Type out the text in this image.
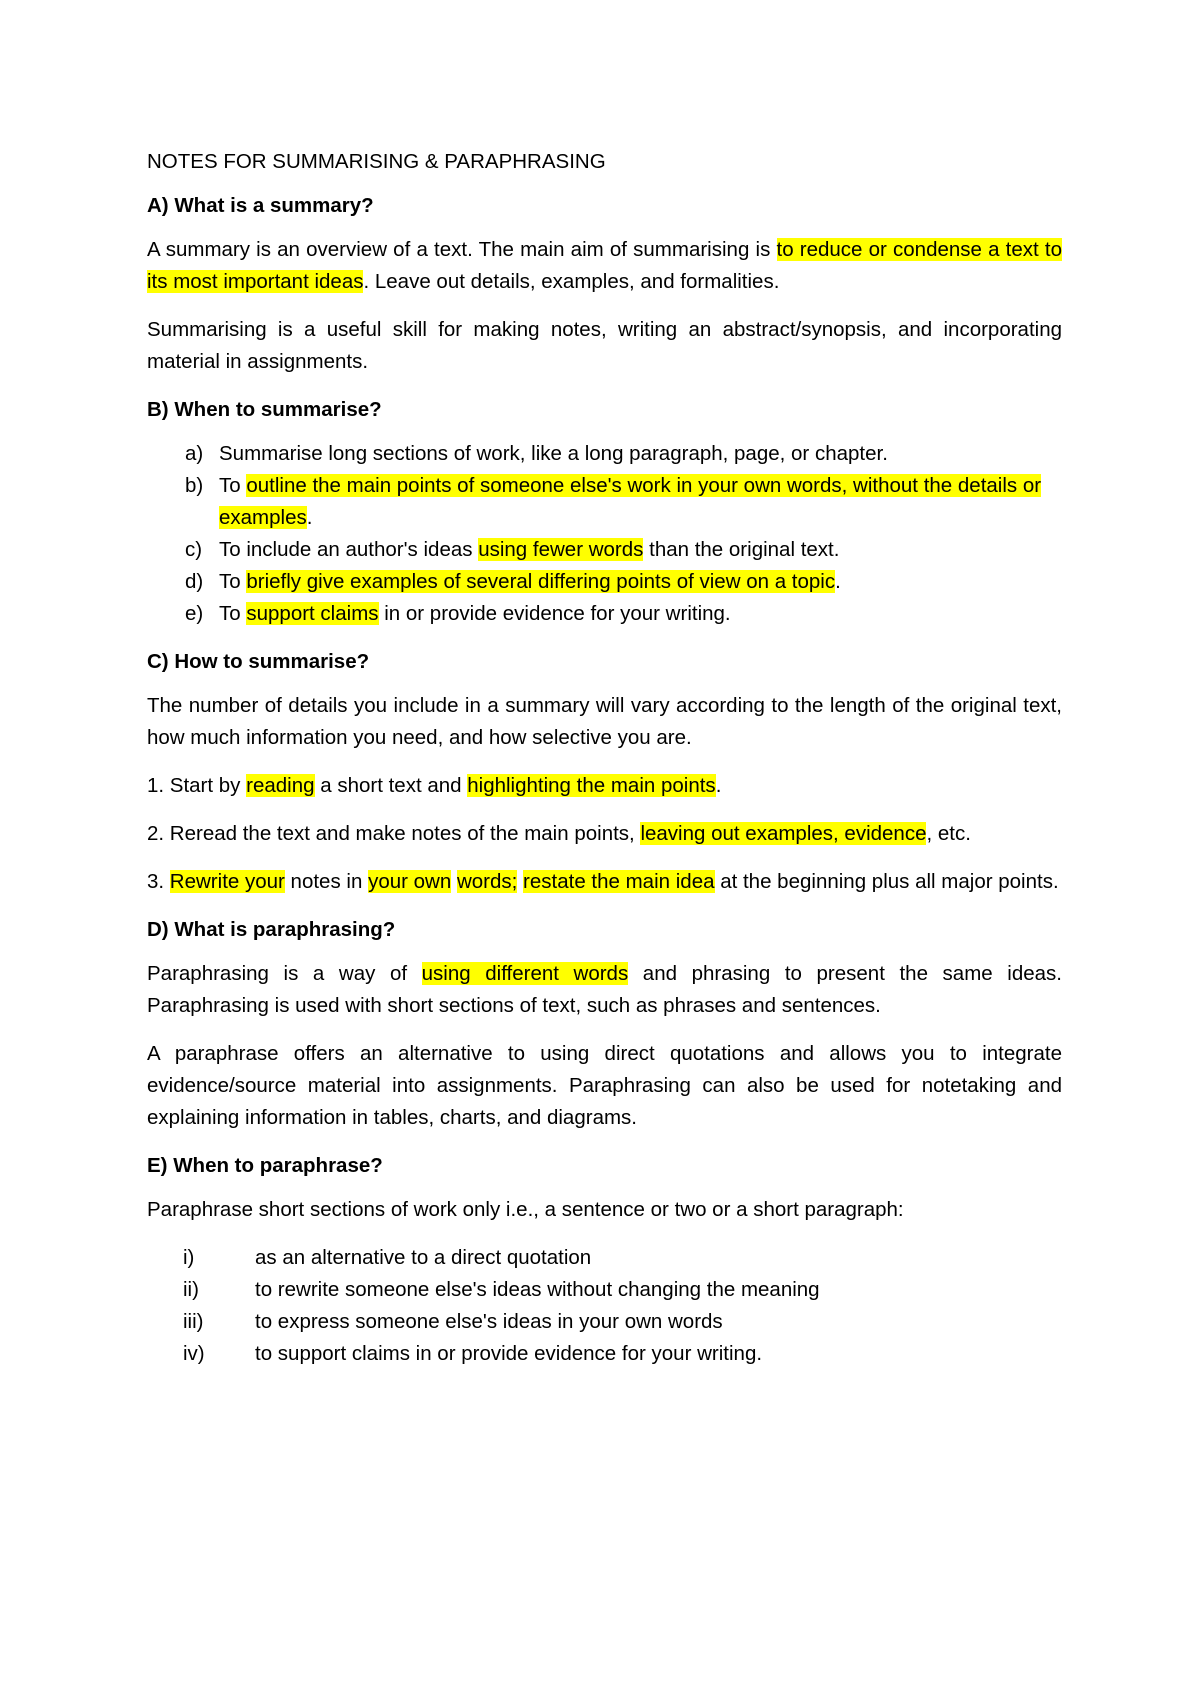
NOTES FOR SUMMARISING & PARAPHRASING
A) What is a summary?

A summary is an overview of a text. The main aim of summarising is to reduce or condense a text to its most important ideas. Leave out details, examples, and formalities.

Summarising is a useful skill for making notes, writing an abstract/synopsis, and incorporating material in assignments.

B) When to summarise?
a) Summarise long sections of work, like a long paragraph, page, or chapter.
b) To outline the main points of someone else's work in your own words, without the details or examples.
c) To include an author's ideas using fewer words than the original text.
d) To briefly give examples of several differing points of view on a topic.
e) To support claims in or provide evidence for your writing.
C) How to summarise?

The number of details you include in a summary will vary according to the length of the original text, how much information you need, and how selective you are.

1. Start by reading a short text and highlighting the main points.

2. Reread the text and make notes of the main points, leaving out examples, evidence, etc.

3. Rewrite your notes in your own words; restate the main idea at the beginning plus all major points.

D) What is paraphrasing?

Paraphrasing is a way of using different words and phrasing to present the same ideas. Paraphrasing is used with short sections of text, such as phrases and sentences.

A paraphrase offers an alternative to using direct quotations and allows you to integrate evidence/source material into assignments. Paraphrasing can also be used for notetaking and explaining information in tables, charts, and diagrams.

E) When to paraphrase?

Paraphrase short sections of work only i.e., a sentence or two or a short paragraph:

i)	as an alternative to a direct quotation
ii)	to rewrite someone else's ideas without changing the meaning
iii)	to express someone else's ideas in your own words
iv)	to support claims in or provide evidence for your writing.
